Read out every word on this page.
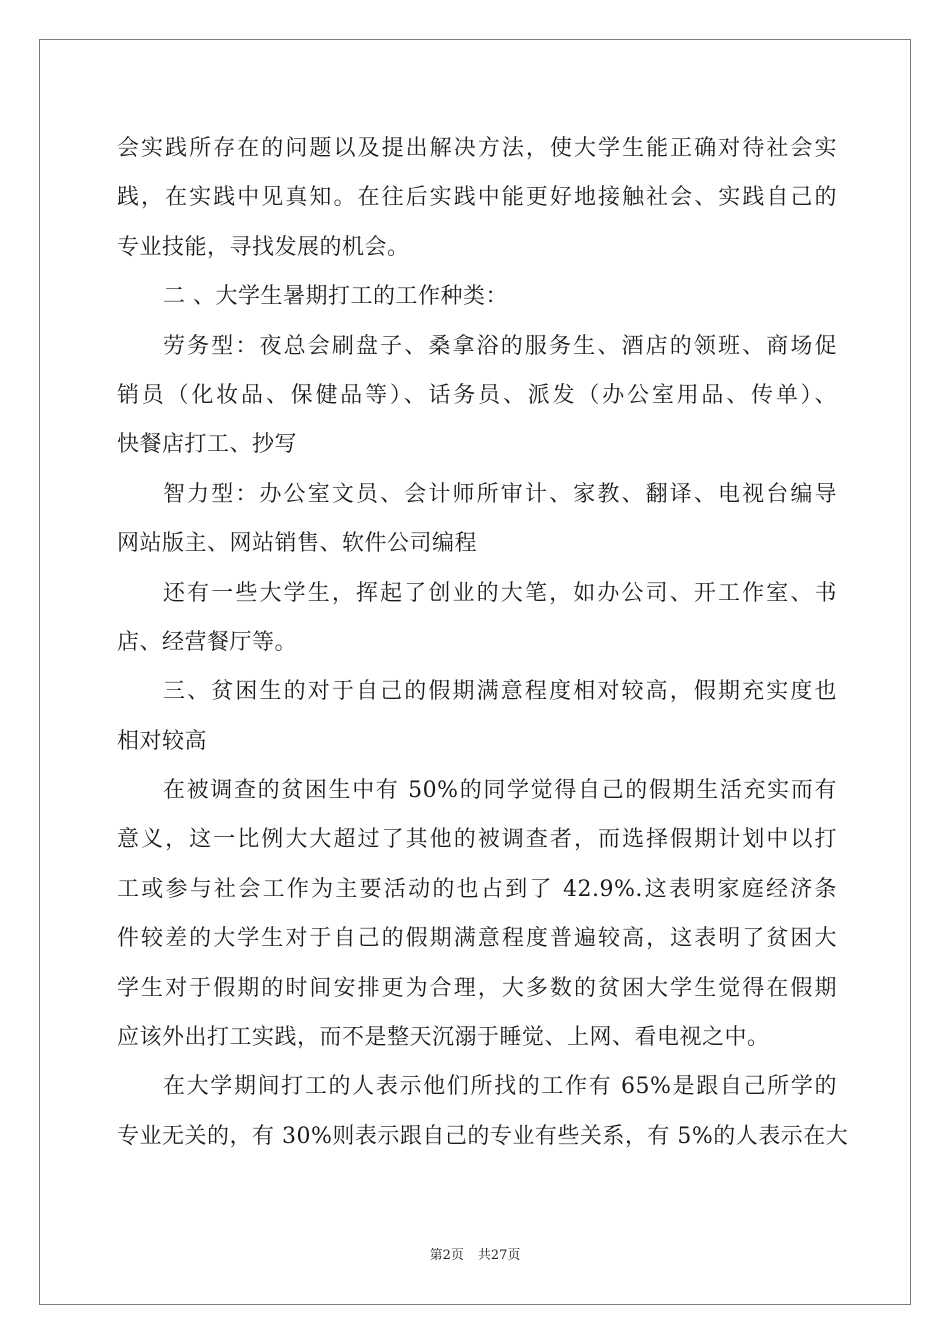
会实践所存在的问题以及提出解决方法，使大学生能正确对待社会实
践，在实践中见真知。在往后实践中能更好地接触社会、实践自己的
专业技能，寻找发展的机会。
二 、大学生暑期打工的工作种类：
劳务型：夜总会刷盘子、桑拿浴的服务生、酒店的领班、商场促
销员（化妆品、保健品等）、话务员、派发（办公室用品、传单）、
快餐店打工、抄写
智力型：办公室文员、会计师所审计、家教、翻译、电视台编导
网站版主、网站销售、软件公司编程
还有一些大学生，挥起了创业的大笔，如办公司、开工作室、书
店、经营餐厅等。
三、贫困生的对于自己的假期满意程度相对较高，假期充实度也
相对较高
在被调查的贫困生中有 50%的同学觉得自己的假期生活充实而有
意义，这一比例大大超过了其他的被调查者，而选择假期计划中以打
工或参与社会工作为主要活动的也占到了 42.9%.这表明家庭经济条
件较差的大学生对于自己的假期满意程度普遍较高，这表明了贫困大
学生对于假期的时间安排更为合理，大多数的贫困大学生觉得在假期
应该外出打工实践，而不是整天沉溺于睡觉、上网、看电视之中。
在大学期间打工的人表示他们所找的工作有 65%是跟自己所学的
专业无关的，有 30%则表示跟自己的专业有些关系，有 5%的人表示在大
第2页 共27页
